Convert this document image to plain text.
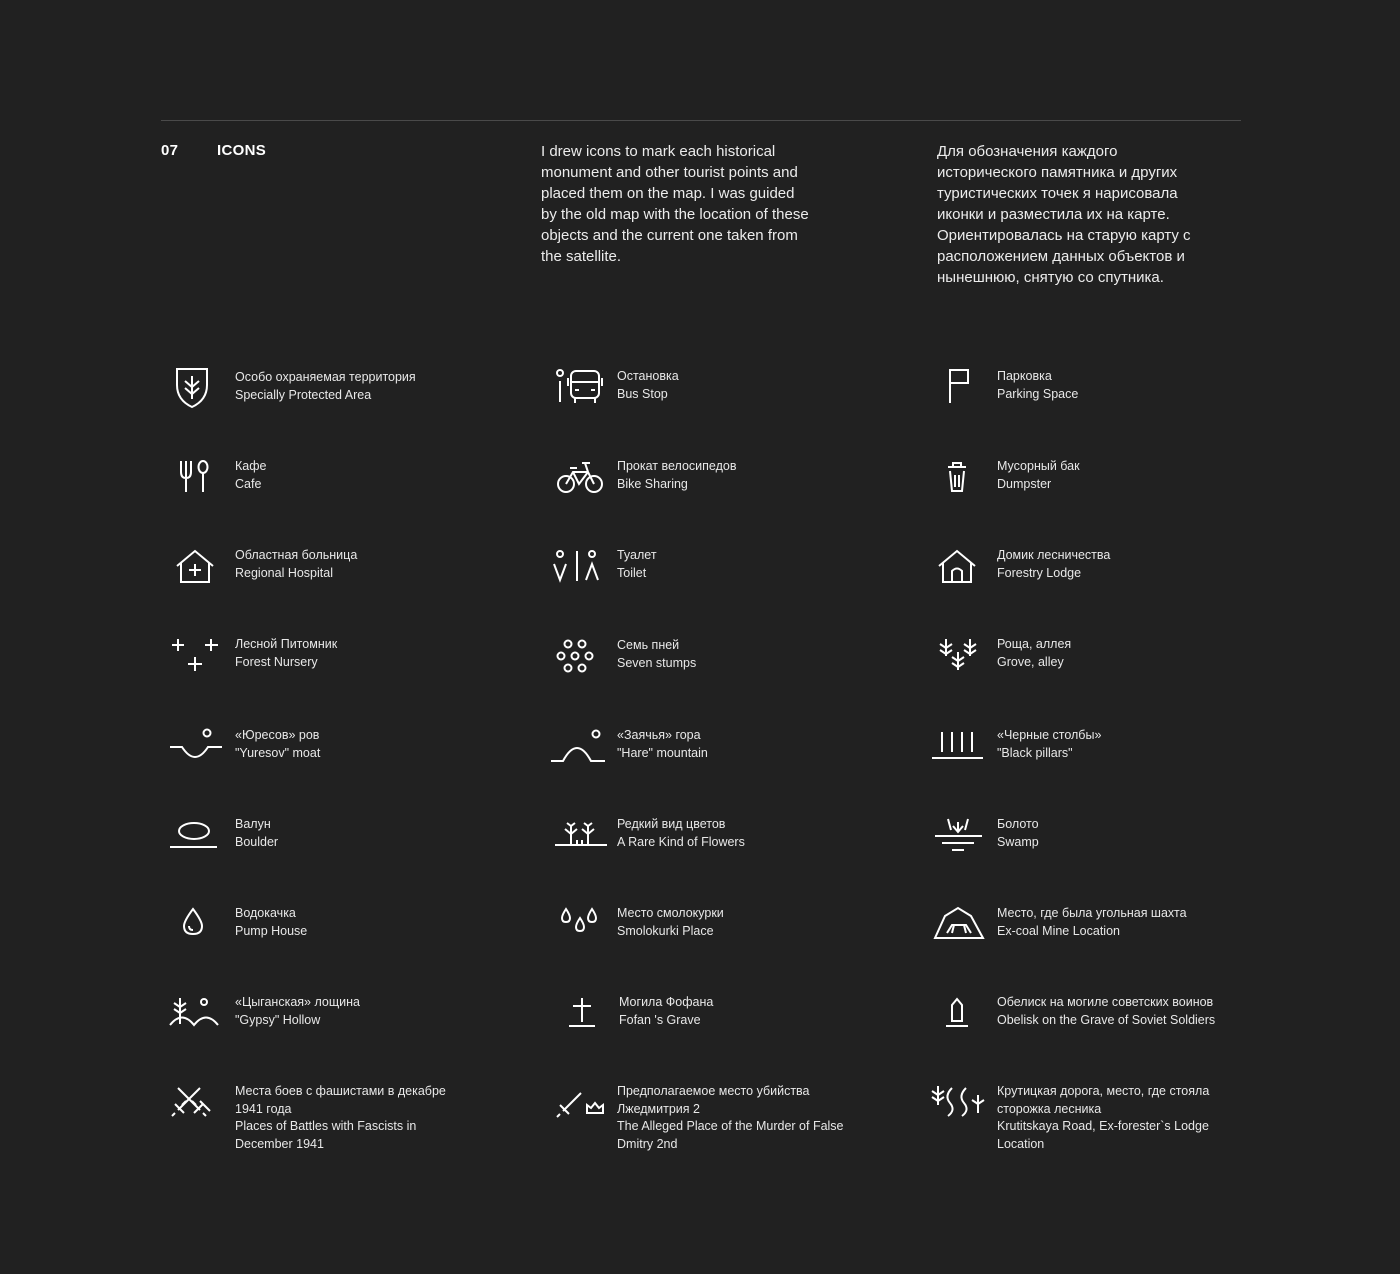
07	ICONS	I drew icons to mark each historical
monument and other tourist points and
placed them on the map. I was guided
by the old map with the location of these
objects and the current one taken from
the satellite.
Для обозначения каждого
исторического памятника и других
туристических точек я нарисовала
иконки и разместила их на карте.
Ориентировалась на старую карту с
расположением данных объектов и
нынешнюю, снятую со спутника.
Особо охраняемая территория
Specially Protected Area
Остановка
Bus Stop
Парковка
Parking Space
Кафе
Cafe
Прокат велосипедов
Bike Sharing
Мусорный бак
Dumpster
Областная больница
Regional Hospital
Туалет
Toilet
Домик лесничества
Forestry Lodge
Лесной Питомник
Forest Nursery
Семь пней
Seven stumps
Роща, аллея
Grove, alley
«Юресов» ров
"Yuresov" moat
«Заячья» гора
"Hare" mountain
«Черные столбы»
"Black pillars"
Валун
Boulder
Редкий вид цветов
A Rare Kind of Flowers
Болото
Swamp
Водокачка
Pump House
Место смолокурки
Smolokurki Place
Место, где была угольная шахта
Ex-coal Mine Location
«Цыганская» лощина
"Gypsy" Hollow
Могила Фофана
Fofan 's Grave
Обелиск на могиле советских воинов
Obelisk on the Grave of Soviet Soldiers
Места боев с фашистами в декабре
1941 года
Places of Battles with Fascists in
December 1941
Предполагаемое место убийства
Лжедмитрия 2
The Alleged Place of the Murder of False
Dmitry 2nd
Крутицкая дорога, место, где стояла
сторожка лесника
Krutitskaya Road, Ex-forester`s Lodge
Location
